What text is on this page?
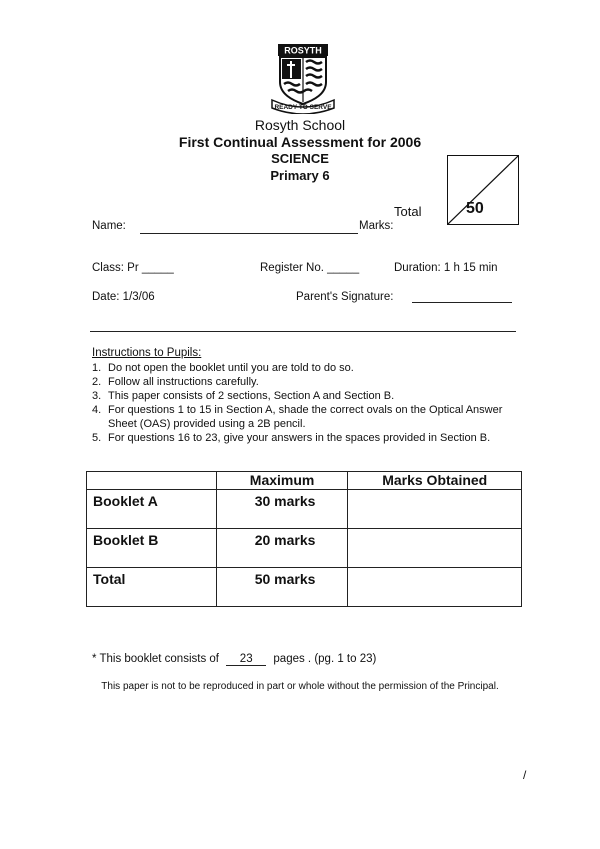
ROSYTH
READY TO SERVE
Rosyth School
First Continual Assessment for 2006
SCIENCE
Primary 6
Total	50
Name:	Marks:
Class: Pr _____	Register No. _____	Duration: 1 h 15 min
Date: 1/3/06	Parent's Signature:
Instructions to Pupils:
1. Do not open the booklet until you are told to do so.
2. Follow all instructions carefully.
3. This paper consists of 2 sections, Section A and Section B.
4. For questions 1 to 15 in Section A, shade the correct ovals on the Optical Answer Sheet (OAS) provided using a 2B pencil.
5. For questions 16 to 23, give your answers in the spaces provided in Section B.
	Maximum	Marks Obtained
Booklet A	30 marks	
Booklet B	20 marks	
Total	50 marks	
* This booklet consists of 23 pages . (pg. 1 to 23)
This paper is not to be reproduced in part or whole without the permission of the Principal.
/
